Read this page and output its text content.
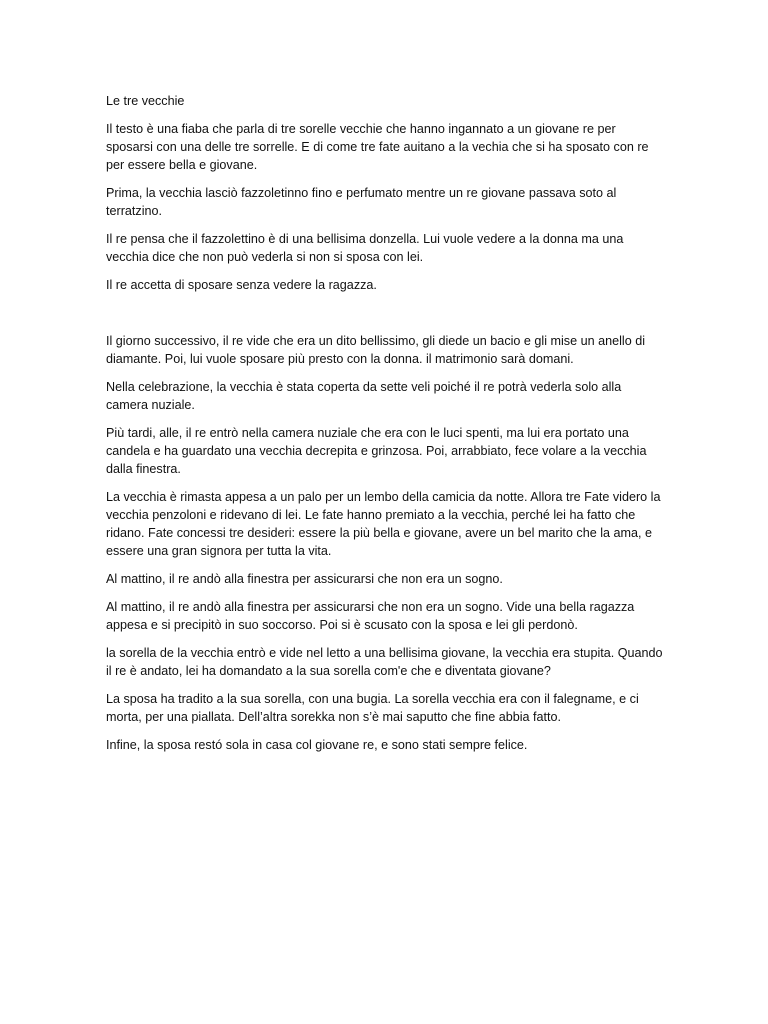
Le tre vecchie

Il testo è una fiaba che parla di tre sorelle vecchie che hanno ingannato a un giovane re per sposarsi con una delle tre sorrelle. E di come tre fate auitano a la vechia che si ha sposato con re per essere bella e giovane.

Prima, la vecchia lasciò fazzoletinno fino e perfumato mentre un re giovane passava soto al terratzino.

Il re pensa che il fazzolettino è di una bellisima donzella. Lui vuole vedere a la donna ma una vecchia dice che non può vederla si non si sposa con lei.

Il re accetta di sposare senza vedere la ragazza.

Il giorno successivo, il re vide che era un dito bellissimo, gli diede un bacio e gli mise un anello di diamante. Poi, lui vuole sposare più presto con la donna. il matrimonio sarà domani.

Nella celebrazione, la vecchia è stata coperta da sette veli poiché il re potrà vederla solo alla camera nuziale.

Più tardi, alle, il re entrò nella camera nuziale che era con le luci spenti, ma lui era portato una candela e ha guardato una vecchia decrepita e grinzosa. Poi, arrabbiato, fece volare a la vecchia dalla finestra.

La vecchia è rimasta appesa a un palo per un lembo della camicia da notte. Allora tre Fate videro la vecchia penzoloni e ridevano di lei. Le fate hanno premiato a la vecchia, perché lei ha fatto che ridano. Fate concessi tre desideri: essere la più bella e giovane, avere un bel marito che la ama, e essere una gran signora per tutta la vita.

Al mattino, il re andò alla finestra per assicurarsi che non era un sogno.

Al mattino, il re andò alla finestra per assicurarsi che non era un sogno. Vide una bella ragazza appesa e si precipitò in suo soccorso. Poi si è scusato con la sposa e lei gli perdonò.

la sorella de la vecchia entrò e vide nel letto a una bellisima giovane, la vecchia era stupita. Quando il re è andato, lei ha domandato a la sua sorella com'e che e diventata giovane?

La sposa ha tradito a la sua sorella, con una bugia. La sorella vecchia era con il falegname, e ci morta, per una piallata. Dell’altra sorekka non s’è mai saputto che fine abbia fatto.

Infine, la sposa restó sola in casa col giovane re, e sono stati sempre felice.
